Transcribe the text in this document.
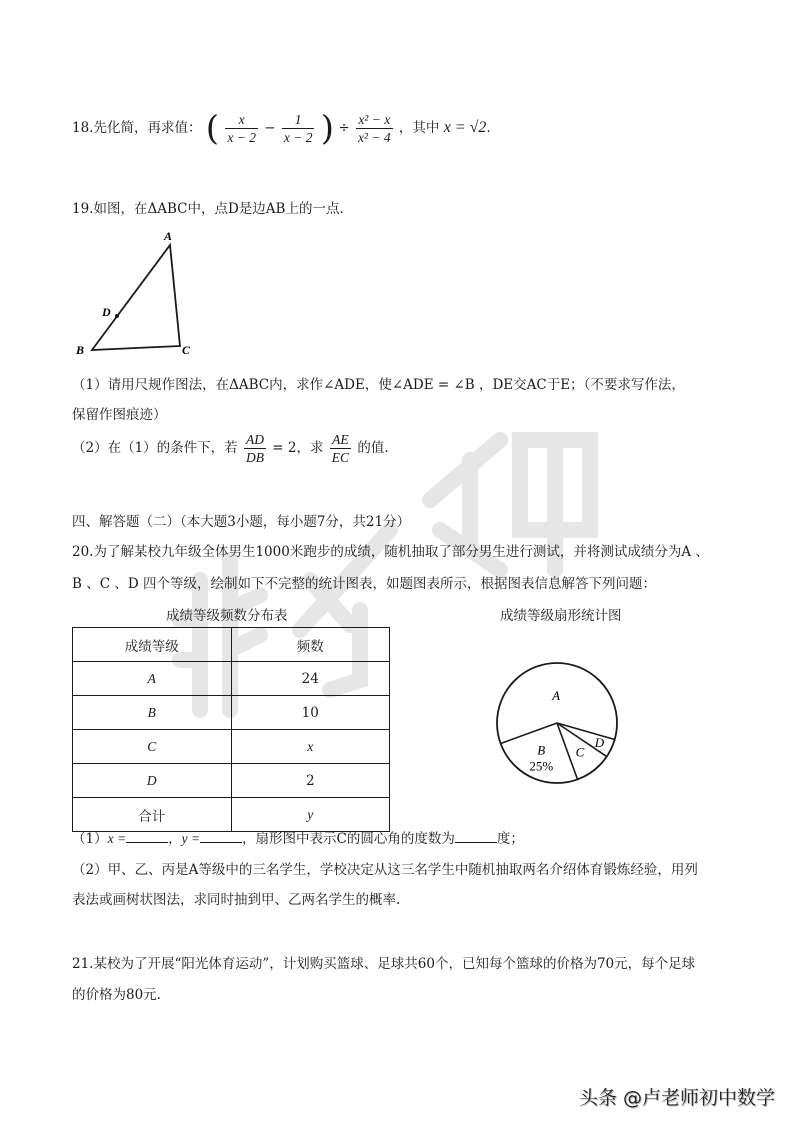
18.先化简，再求值： ( $\frac{x}{x - 2} - \frac{1}{x - 2}$ ) ÷ $\frac{\text{x² − x}}{\text{x² − 4}}$ ，其中 x = √2.
19.如图，在ΔABC中，点D是边AB上的一点.
A
B	C
D
（1）请用尺规作图法，在ΔABC内，求作∠ADE，使∠ADE = ∠B ，DE交AC于E；（不要求写作法，
保留作图痕迹）
（2）在（1）的条件下，若 $\frac{AD}{DB} = 2$，求 $\frac{AE}{EC}$ 的值.
四、解答题（二）（本大题3小题，每小题7分，共21分）
20.为了解某校九年级全体男生1000米跑步的成绩，随机抽取了部分男生进行测试，并将测试成绩分为A 、
B 、C 、D 四个等级，绘制如下不完整的统计图表，如题图表所示，根据图表信息解答下列问题：
成绩等级频数分布表	成绩等级扇形统计图
成绩等级	频数
A	24
B	10
C	x
D	2
合计	y
D
C
B
25%
A
（1）x =	，y =	，扇形图中表示C的圆心角的度数为	度；
（2）甲、乙、丙是A等级中的三名学生，学校决定从这三名学生中随机抽取两名介绍体育锻炼经验，用列
表法或画树状图法，求同时抽到甲、乙两名学生的概率.
21.某校为了开展“阳光体育运动”，计划购买篮球、足球共60个，已知每个篮球的价格为70元，每个足球
的价格为80元.
头条 @卢老师初中数学
